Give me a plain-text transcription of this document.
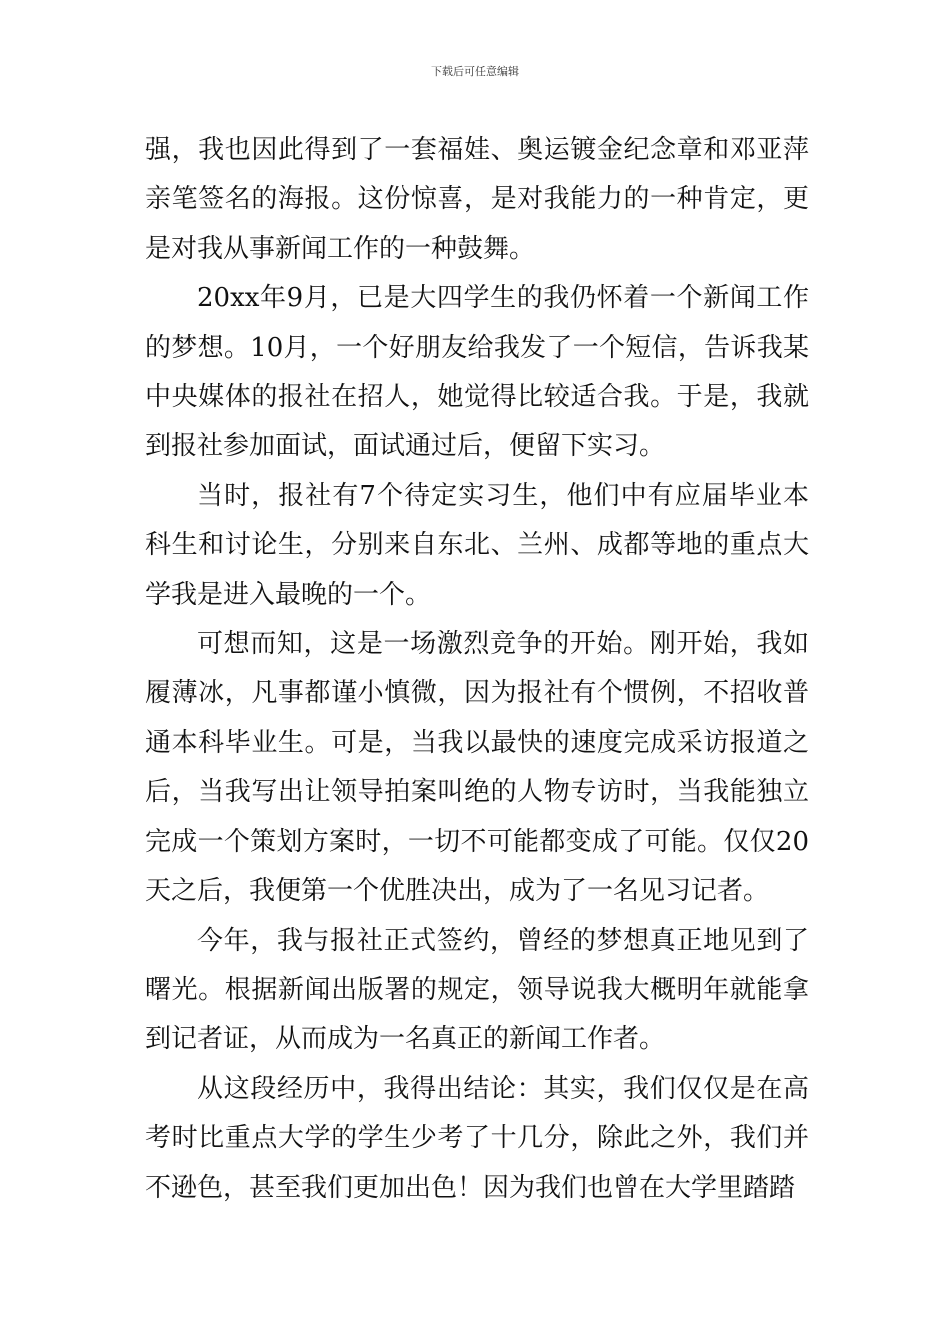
下载后可任意编辑

强，我也因此得到了一套福娃、奥运镀金纪念章和邓亚萍亲笔签名的海报。这份惊喜，是对我能力的一种肯定，更是对我从事新闻工作的一种鼓舞。

20xx年9月，已是大四学生的我仍怀着一个新闻工作的梦想。10月，一个好朋友给我发了一个短信，告诉我某中央媒体的报社在招人，她觉得比较适合我。于是，我就到报社参加面试，面试通过后，便留下实习。

当时，报社有7个待定实习生，他们中有应届毕业本科生和讨论生，分别来自东北、兰州、成都等地的重点大学我是进入最晚的一个。

可想而知，这是一场激烈竞争的开始。刚开始，我如履薄冰，凡事都谨小慎微，因为报社有个惯例，不招收普通本科毕业生。可是，当我以最快的速度完成采访报道之后，当我写出让领导拍案叫绝的人物专访时，当我能独立完成一个策划方案时，一切不可能都变成了可能。仅仅20天之后，我便第一个优胜决出，成为了一名见习记者。

今年，我与报社正式签约，曾经的梦想真正地见到了曙光。根据新闻出版署的规定，领导说我大概明年就能拿到记者证，从而成为一名真正的新闻工作者。

从这段经历中，我得出结论：其实，我们仅仅是在高考时比重点大学的学生少考了十几分，除此之外，我们并不逊色，甚至我们更加出色！因为我们也曾在大学里踏踏
